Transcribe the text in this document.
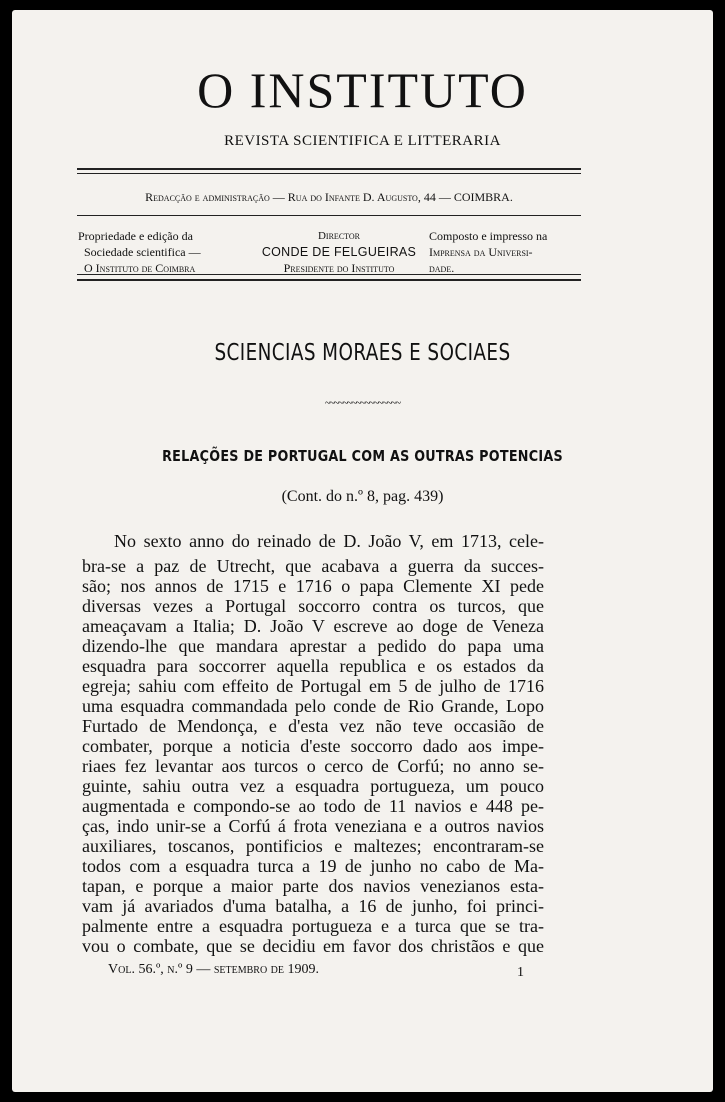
O INSTITUTO
REVISTA SCIENTIFICA E LITTERARIA
Redacção e administração — Rua do Infante D. Augusto, 44 — COIMBRA.
Propriedade e edição da
Sociedade scientifica —
O Instituto de Coimbra
Director
CONDE DE FELGUEIRAS
Presidente do Instituto
Composto e impresso na
Imprensa da Universi-
dade.
SCIENCIAS MORAES E SOCIAES
~~~~~~~~~~~~~~~~~
RELAÇÕES DE PORTUGAL COM AS OUTRAS POTENCIAS
(Cont. do n.º 8, pag. 439)
No sexto anno do reinado de D. João V, em 1713, cele-
bra-se a paz de Utrecht, que acabava a guerra da succes-
são; nos annos de 1715 e 1716 o papa Clemente XI pede
diversas vezes a Portugal soccorro contra os turcos, que
ameaçavam a Italia; D. João V escreve ao doge de Veneza
dizendo-lhe que mandara aprestar a pedido do papa uma
esquadra para soccorrer aquella republica e os estados da
egreja; sahiu com effeito de Portugal em 5 de julho de 1716
uma esquadra commandada pelo conde de Rio Grande, Lopo
Furtado de Mendonça, e d'esta vez não teve occasião de
combater, porque a noticia d'este soccorro dado aos impe-
riaes fez levantar aos turcos o cerco de Corfú; no anno se-
guinte, sahiu outra vez a esquadra portugueza, um pouco
augmentada e compondo-se ao todo de 11 navios e 448 pe-
ças, indo unir-se a Corfú á frota veneziana e a outros navios
auxiliares, toscanos, pontificios e maltezes; encontraram-se
todos com a esquadra turca a 19 de junho no cabo de Ma-
tapan, e porque a maior parte dos navios venezianos esta-
vam já avariados d'uma batalha, a 16 de junho, foi princi-
palmente entre a esquadra portugueza e a turca que se tra-
vou o combate, que se decidiu em favor dos christãos e que
Vol. 56.º, n.º 9 — setembro de 1909.	1
